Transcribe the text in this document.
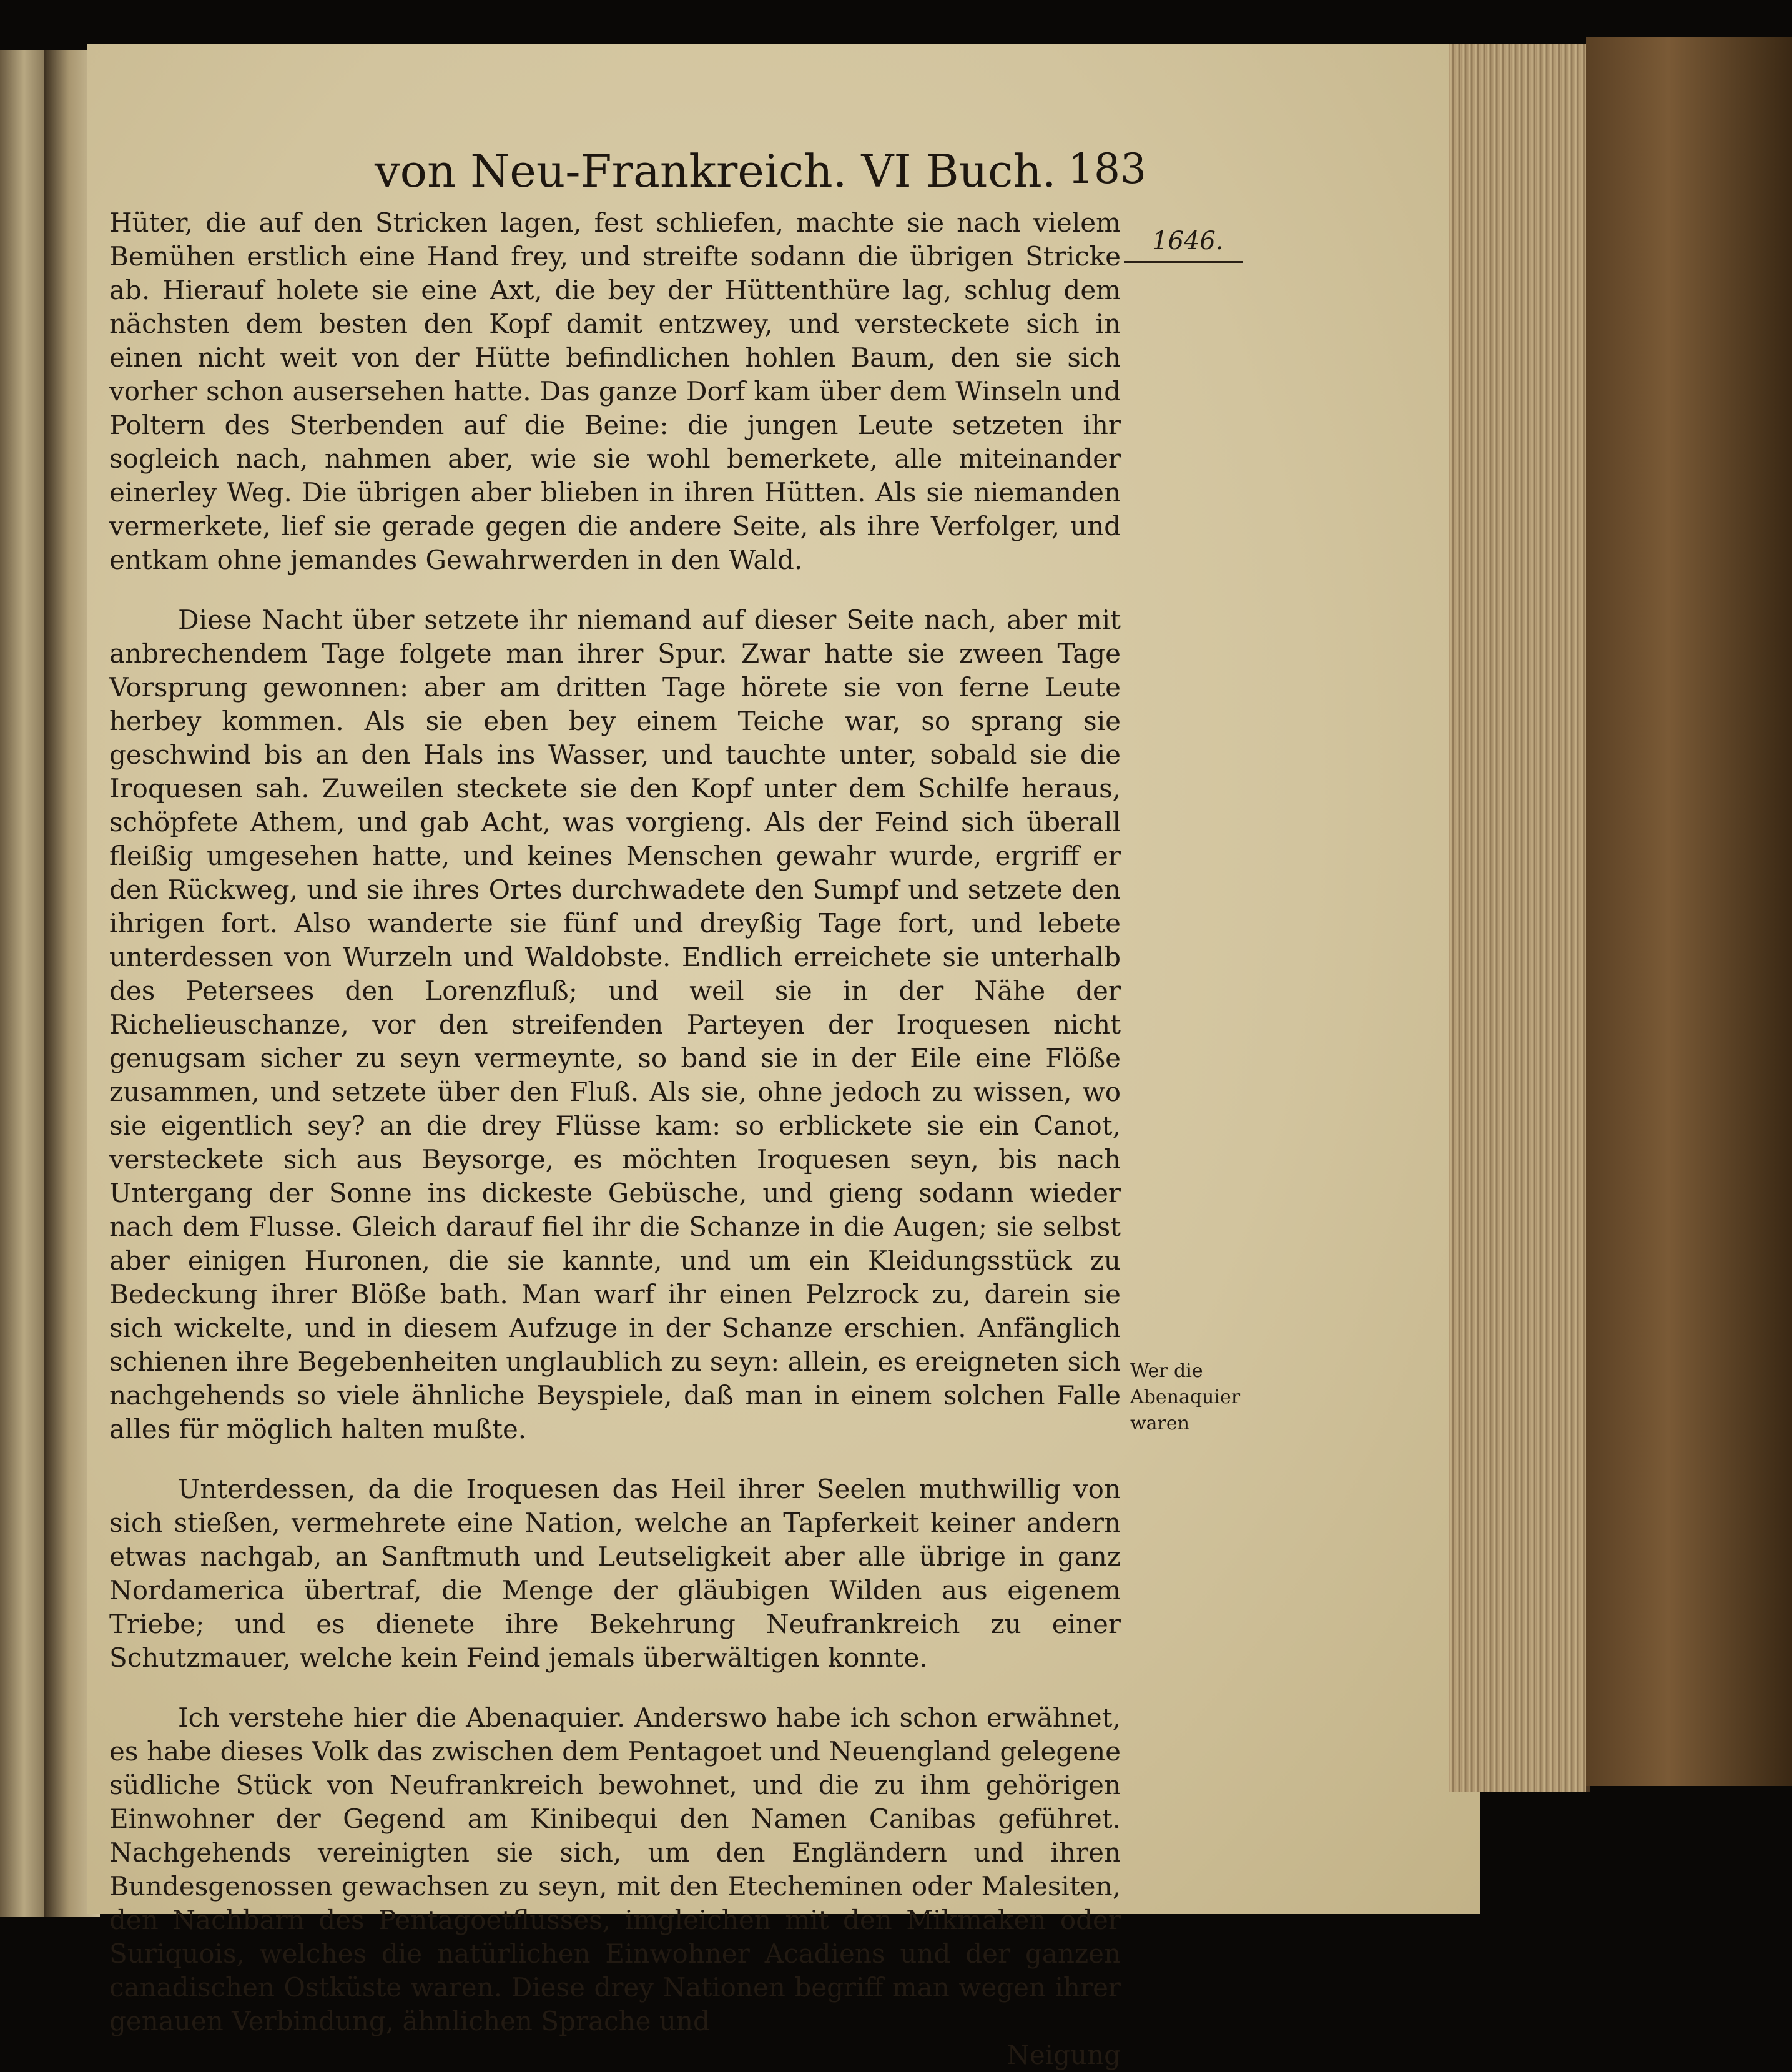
von Neu-Frankreich. VI Buch. 183
1646.
Wer die Abenaquier waren

Hüter, die auf den Stricken lagen, fest schliefen, machte sie nach vielem Bemühen erstlich eine Hand frey, und streifte sodann die übrigen Stricke ab. Hierauf holete sie eine Axt, die bey der Hüttenthüre lag, schlug dem nächsten dem besten den Kopf damit entzwey, und versteckete sich in einen nicht weit von der Hütte befindlichen hohlen Baum, den sie sich vorher schon ausersehen hatte. Das ganze Dorf kam über dem Winseln und Poltern des Sterbenden auf die Beine: die jungen Leute setzeten ihr sogleich nach, nahmen aber, wie sie wohl bemerkete, alle miteinander einerley Weg. Die übrigen aber blieben in ihren Hütten. Als sie niemanden vermerkete, lief sie gerade gegen die andere Seite, als ihre Verfolger, und entkam ohne jemandes Gewahrwerden in den Wald.

Diese Nacht über setzete ihr niemand auf dieser Seite nach, aber mit anbrechendem Tage folgete man ihrer Spur. Zwar hatte sie zween Tage Vorsprung gewonnen: aber am dritten Tage hörete sie von ferne Leute herbey kommen. Als sie eben bey einem Teiche war, so sprang sie geschwind bis an den Hals ins Wasser, und tauchte unter, sobald sie die Iroquesen sah. Zuweilen steckete sie den Kopf unter dem Schilfe heraus, schöpfete Athem, und gab Acht, was vorgieng. Als der Feind sich überall fleißig umgesehen hatte, und keines Menschen gewahr wurde, ergriff er den Rückweg, und sie ihres Ortes durchwadete den Sumpf und setzete den ihrigen fort. Also wanderte sie fünf und dreyßig Tage fort, und lebete unterdessen von Wurzeln und Waldobste. Endlich erreichete sie unterhalb des Petersees den Lorenzfluß; und weil sie in der Nähe der Richelieuschanze, vor den streifenden Parteyen der Iroquesen nicht genugsam sicher zu seyn vermeynte, so band sie in der Eile eine Flöße zusammen, und setzete über den Fluß. Als sie, ohne jedoch zu wissen, wo sie eigentlich sey? an die drey Flüsse kam: so erblickete sie ein Canot, versteckete sich aus Beysorge, es möchten Iroquesen seyn, bis nach Untergang der Sonne ins dickeste Gebüsche, und gieng sodann wieder nach dem Flusse. Gleich darauf fiel ihr die Schanze in die Augen; sie selbst aber einigen Huronen, die sie kannte, und um ein Kleidungsstück zu Bedeckung ihrer Blöße bath. Man warf ihr einen Pelzrock zu, darein sie sich wickelte, und in diesem Aufzuge in der Schanze erschien. Anfänglich schienen ihre Begebenheiten unglaublich zu seyn: allein, es ereigneten sich nachgehends so viele ähnliche Beyspiele, daß man in einem solchen Falle alles für möglich halten mußte.

Unterdessen, da die Iroquesen das Heil ihrer Seelen muthwillig von sich stießen, vermehrete eine Nation, welche an Tapferkeit keiner andern etwas nachgab, an Sanftmuth und Leutseligkeit aber alle übrige in ganz Nordamerica übertraf, die Menge der gläubigen Wilden aus eigenem Triebe; und es dienete ihre Bekehrung Neufrankreich zu einer Schutzmauer, welche kein Feind jemals überwältigen konnte.

Ich verstehe hier die Abenaquier. Anderswo habe ich schon erwähnet, es habe dieses Volk das zwischen dem Pentagoet und Neuengland gelegene südliche Stück von Neufrankreich bewohnet, und die zu ihm gehörigen Einwohner der Gegend am Kinibequi den Namen Canibas geführet. Nachgehends vereinigten sie sich, um den Engländern und ihren Bundesgenossen gewachsen zu seyn, mit den Etecheminen oder Malesiten, den Nachbarn des Pentagoetflusses, imgleichen mit den Mikmaken oder Suriquois, welches die natürlichen Einwohner Acadiens und der ganzen canadischen Ostküste waren. Diese drey Nationen begriff man wegen ihrer genauen Verbindung, ähnlichen Sprache und

Neigung
